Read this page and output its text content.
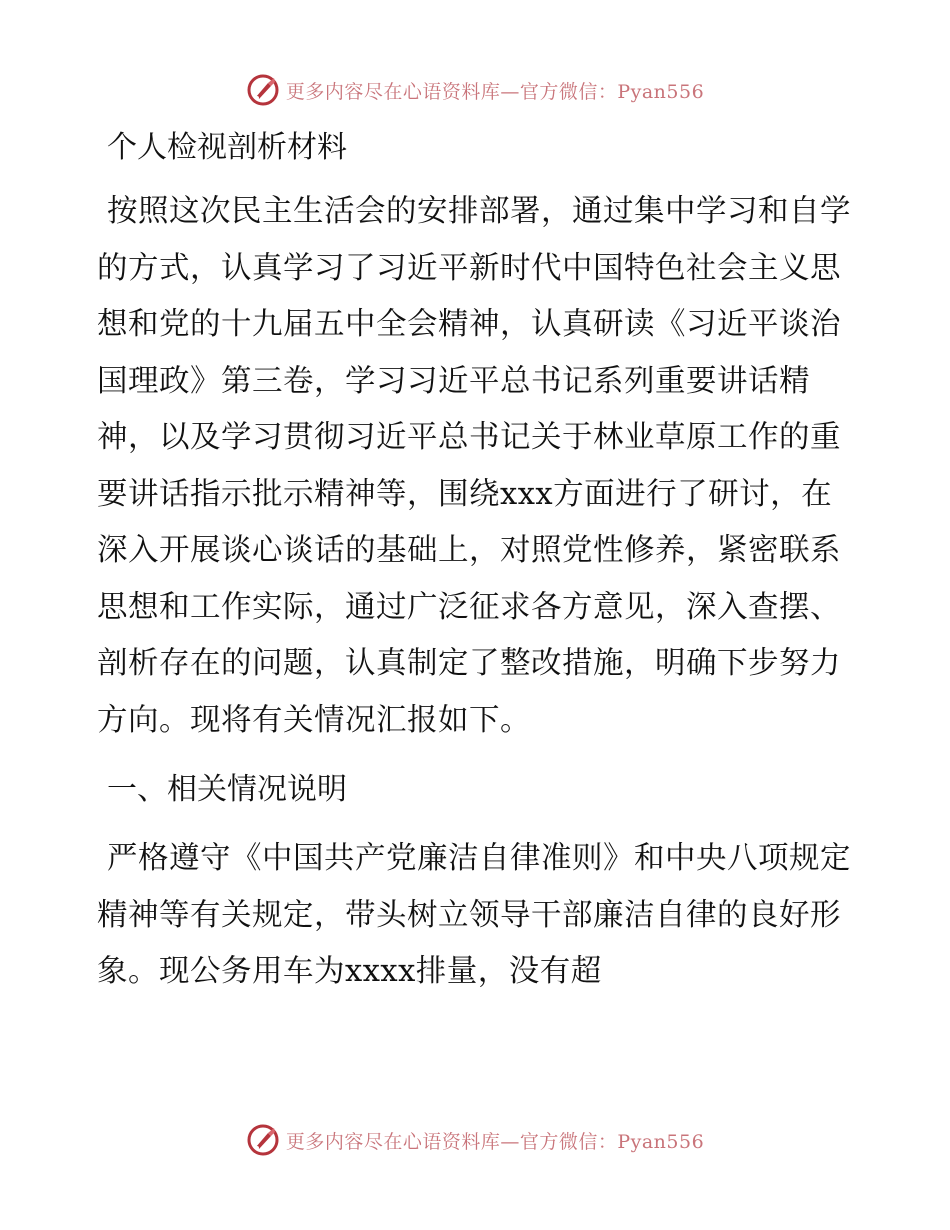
更多内容尽在心语资料库—官方微信：Pyan556
个人检视剖析材料

按照这次民主生活会的安排部署，通过集中学习和自学的方式，认真学习了习近平新时代中国特色社会主义思想和党的十九届五中全会精神，认真研读《习近平谈治国理政》第三卷，学习习近平总书记系列重要讲话精神，以及学习贯彻习近平总书记关于林业草原工作的重要讲话指示批示精神等，围绕xxx方面进行了研讨，在深入开展谈心谈话的基础上，对照党性修养，紧密联系思想和工作实际，通过广泛征求各方意见，深入查摆、剖析存在的问题，认真制定了整改措施，明确下步努力方向。现将有关情况汇报如下。

一、相关情况说明

严格遵守《中国共产党廉洁自律准则》和中央八项规定精神等有关规定，带头树立领导干部廉洁自律的良好形象。现公务用车为xxxx排量，没有超

更多内容尽在心语资料库—官方微信：Pyan556
